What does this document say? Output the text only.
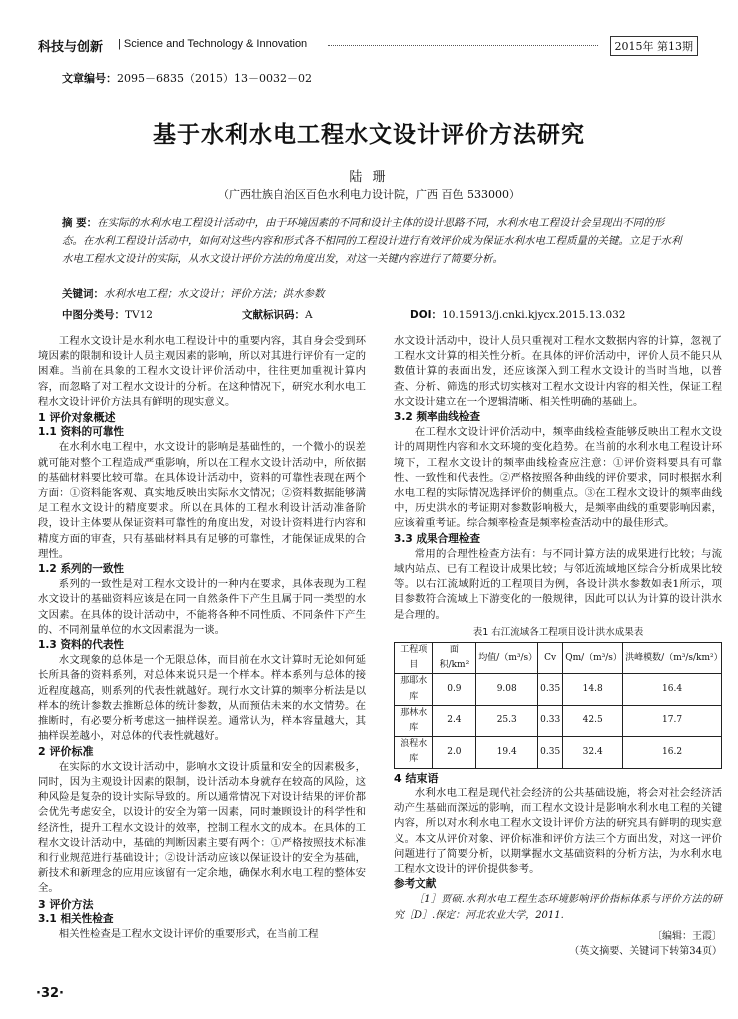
科技与创新 | Science and Technology & Innovation	2015年 第13期
文章编号：2095－6835（2015）13－0032－02
基于水利水电工程水文设计评价方法研究
陆 珊
（广西壮族自治区百色水利电力设计院，广西 百色 533000）
摘 要：在实际的水利水电工程设计活动中，由于环境因素的不同和设计主体的设计思路不同，水利水电工程设计会呈现出不同的形态。在水利工程设计活动中，如何对这些内容和形式各不相同的工程设计进行有效评价成为保证水利水电工程质量的关键。立足于水利水电工程水文设计的实际，从水文设计评价方法的角度出发，对这一关键内容进行了简要分析。
关键词：水利水电工程；水文设计；评价方法；洪水参数
中图分类号：TV12	文献标识码：A	DOI：10.15913/j.cnki.kjycx.2015.13.032

工程水文设计是水利水电工程设计中的重要内容，其自身会受到环境因素的限制和设计人员主观因素的影响，所以对其进行评价有一定的困难。当前在具象的工程水文设计评价活动中，往往更加重视计算内容，而忽略了对工程水文设计的分析。在这种情况下，研究水利水电工程水文设计评价方法具有鲜明的现实意义。

1 评价对象概述
1.1 资料的可靠性

在水利水电工程中，水文设计的影响是基础性的，一个微小的误差就可能对整个工程造成严重影响，所以在工程水文设计活动中，所依据的基础材料要比较可靠。在具体设计活动中，资料的可靠性表现在两个方面：①资料能客观、真实地反映出实际水文情况；②资料数据能够满足工程水文设计的精度要求。所以在具体的工程水利设计活动准备阶段，设计主体要从保证资料可靠性的角度出发，对设计资料进行内容和精度方面的审查，只有基础材料具有足够的可靠性，才能保证成果的合理性。

1.2 系列的一致性

系列的一致性是对工程水文设计的一种内在要求，具体表现为工程水文设计的基础资料应该是在同一自然条件下产生且属于同一类型的水文因素。在具体的设计活动中，不能将各种不同性质、不同条件下产生的、不同剂量单位的水文因素混为一谈。

1.3 资料的代表性

水文现象的总体是一个无限总体，而目前在水文计算时无论如何延长所具备的资料系列，对总体来说只是一个样本。样本系列与总体的接近程度越高，则系列的代表性就越好。现行水文计算的频率分析法是以样本的统计参数去推断总体的统计参数，从而预估未来的水文情势。在推断时，有必要分析考虑这一抽样误差。通常认为，样本容量越大，其抽样误差越小，对总体的代表性就越好。

2 评价标准

在实际的水文设计活动中，影响水文设计质量和安全的因素极多，同时，因为主观设计因素的限制，设计活动本身就存在较高的风险，这种风险是复杂的设计实际导致的。所以通常情况下对设计结果的评价都会优先考虑安全，以设计的安全为第一因素，同时兼顾设计的科学性和经济性，提升工程水文设计的效率，控制工程水文的成本。在具体的工程水文设计活动中，基础的判断因素主要有两个：①严格按照技术标准和行业规范进行基础设计；②设计活动应该以保证设计的安全为基础，新技术和新理念的应用应该留有一定余地，确保水利水电工程的整体安全。

3 评价方法
3.1 相关性检查

相关性检查是工程水文设计评价的重要形式，在当前工程

水文设计活动中，设计人员只重视对工程水文数据内容的计算，忽视了工程水文计算的相关性分析。在具体的评价活动中，评价人员不能只从数值计算的表面出发，还应该深入到工程水文设计的当时当地，以普查、分析、筛选的形式切实核对工程水文设计内容的相关性，保证工程水文设计建立在一个逻辑清晰、相关性明确的基础上。

3.2 频率曲线检查

在工程水文设计评价活动中，频率曲线检查能够反映出工程水文设计的周期性内容和水文环境的变化趋势。在当前的水利水电工程设计环境下，工程水文设计的频率曲线检查应注意：①评价资料要具有可靠性、一致性和代表性。②严格按照各种曲线的评价要求，同时根据水利水电工程的实际情况选择评价的侧重点。③在工程水文设计的频率曲线中，历史洪水的考证期对参数影响极大，是频率曲线的重要影响因素，应该着重考证。综合频率检查是频率检查活动中的最佳形式。

3.3 成果合理检查

常用的合理性检查方法有：与不同计算方法的成果进行比较；与流域内站点、已有工程设计成果比较；与邻近流域地区综合分析成果比较等。以右江流域附近的工程项目为例，各设计洪水参数如表1所示，项目参数符合流域上下游变化的一般规律，因此可以认为计算的设计洪水是合理的。

表1 右江流域各工程项目设计洪水成果表
工程项目	面积/km²	均值/（m³/s）	Cv	Qm/（m³/s）	洪峰模数/（m³/s/km²）
那耶水库	0.9	9.08	0.35	14.8	16.4
那林水库	2.4	25.3	0.33	42.5	17.7
浪程水库	2.0	19.4	0.35	32.4	16.2
4 结束语

水利水电工程是现代社会经济的公共基础设施，将会对社会经济活动产生基础而深远的影响，而工程水文设计是影响水利水电工程的关键内容，所以对水利水电工程水文设计评价方法的研究具有鲜明的现实意义。本文从评价对象、评价标准和评价方法三个方面出发，对这一评价问题进行了简要分析，以期掌握水文基础资料的分析方法，为水利水电工程水文设计的评价提供参考。

参考文献

［1］贾硕.水利水电工程生态环境影响评价指标体系与评价方法的研究［D］.保定：河北农业大学，2011.

〔编辑：王霞〕
（英文摘要、关键词下转第34页）
·32·
